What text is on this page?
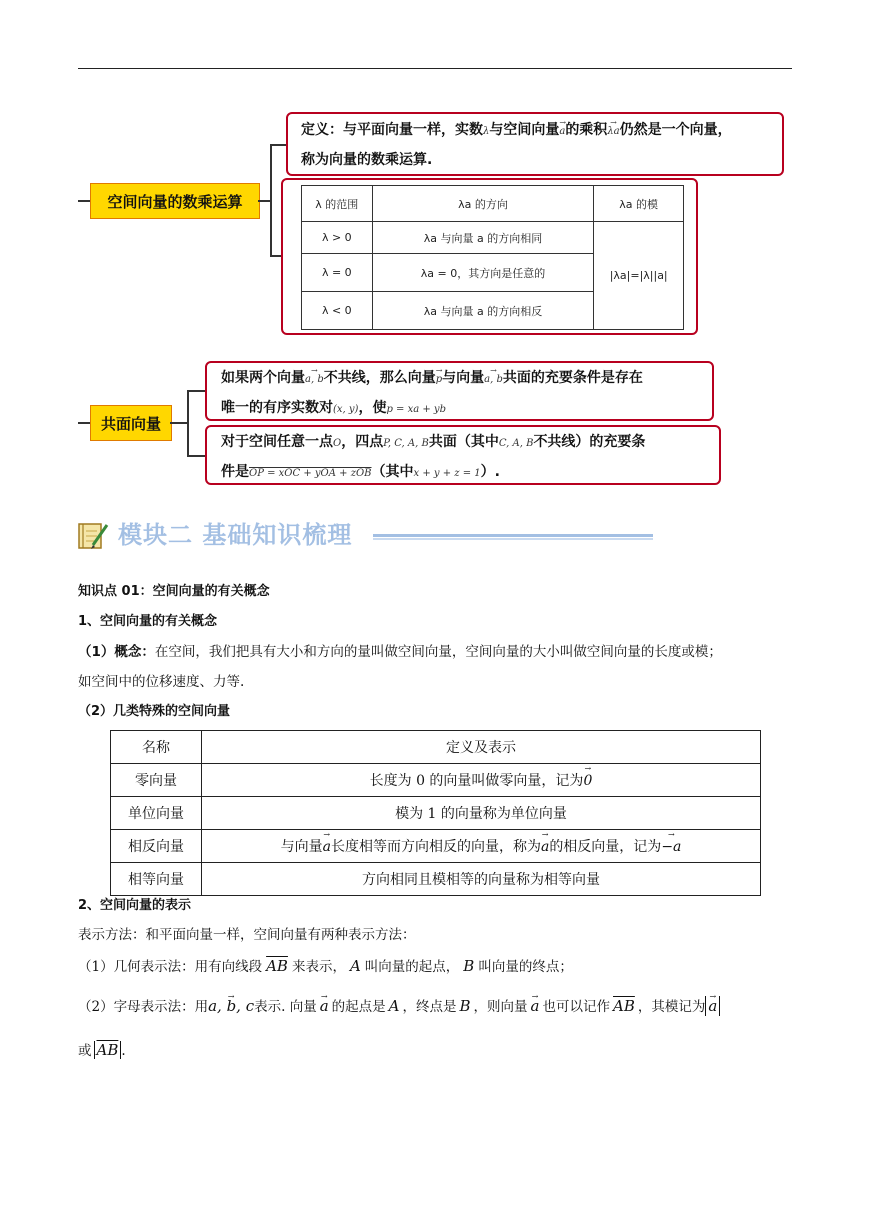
空间向量的数乘运算
定义：与平面向量一样，实数λ与空间向量→ a的乘积→ λa仍然是一个向量，
称为向量的数乘运算.
λ 的范围	λa 的方向	λa 的模
λ > 0	λa 与向量 a 的方向相同	|λa|=|λ||a|
λ = 0	λa = 0，其方向是任意的	
λ < 0	λa 与向量 a 的方向相反	
共面向量
如果两个向量→ a, b不共线，那么向量→ p与向量→ a, b共面的充要条件是存在
唯一的有序实数对(x, y)，使p = xa + yb
对于空间任意一点O，四点P, C, A, B共面（其中C, A, B不共线）的充要条
件是OP = xOC + yOA + zOB（其中x + y + z = 1）.
模块二 基础知识梳理
知识点 01：空间向量的有关概念
1、空间向量的有关概念
（1）概念：在空间，我们把具有大小和方向的量叫做空间向量，空间向量的大小叫做空间向量的长度或模；
如空间中的位移速度、力等.
（2）几类特殊的空间向量
名称	定义及表示
零向量	长度为 0 的向量叫做零向量，记为→ 0
单位向量	模为 1 的向量称为单位向量
相反向量	与向量→ a长度相等而方向相反的向量，称为→ a的相反向量，记为→ −a
相等向量	方向相同且模相等的向量称为相等向量
2、空间向量的表示
表示方法：和平面向量一样，空间向量有两种表示方法：
（1）几何表示法：用有向线段 $\overline{AB}$ 来表示， A 叫向量的起点， B 叫向量的终点；
（2）字母表示法：用→ a, b, c表示. 向量 → a 的起点是 A ，终点是 B ，则向量 → a 也可以记作 $\overline{AB}$ ，其模记为 → a
或 $\overline{AB}$ .
